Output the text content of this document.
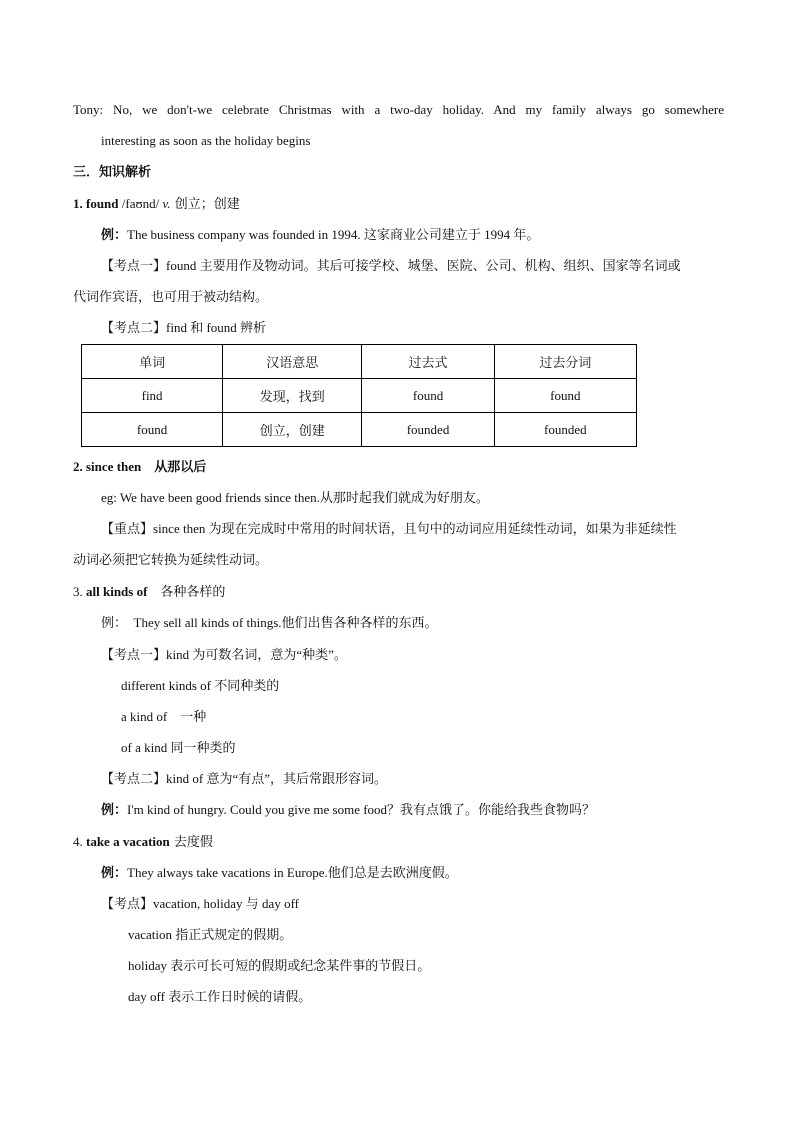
Tony: No, we don't-we celebrate Christmas with a two-day holiday. And my family always go somewhere
interesting as soon as the holiday begins
三．知识解析
1. found /faʊnd/ v. 创立；创建
例：The business company was founded in 1994. 这家商业公司建立于 1994 年。
【考点一】found 主要用作及物动词。其后可接学校、城堡、医院、公司、机构、组织、国家等名词或
代词作宾语，也可用于被动结构。
【考点二】find 和 found 辨析
单词	汉语意思	过去式	过去分词
find	发现，找到	found	found
found	创立，创建	founded	founded
2. since then　从那以后
eg: We have been good friends since then.从那时起我们就成为好朋友。
【重点】since then 为现在完成时中常用的时间状语，且句中的动词应用延续性动词，如果为非延续性
动词必须把它转换为延续性动词。
3. all kinds of　各种各样的
例：　They sell all kinds of things.他们出售各种各样的东西。
【考点一】kind 为可数名词，意为“种类”。
different kinds of 不同种类的
a kind of　一种
of a kind 同一种类的
【考点二】kind of 意为“有点”，其后常跟形容词。
例：I'm kind of hungry. Could you give me some food？我有点饿了。你能给我些食物吗？
4. take a vacation 去度假
例：They always take vacations in Europe.他们总是去欧洲度假。
【考点】vacation, holiday 与 day off
vacation 指正式规定的假期。
holiday 表示可长可短的假期或纪念某件事的节假日。
day off 表示工作日时候的请假。
